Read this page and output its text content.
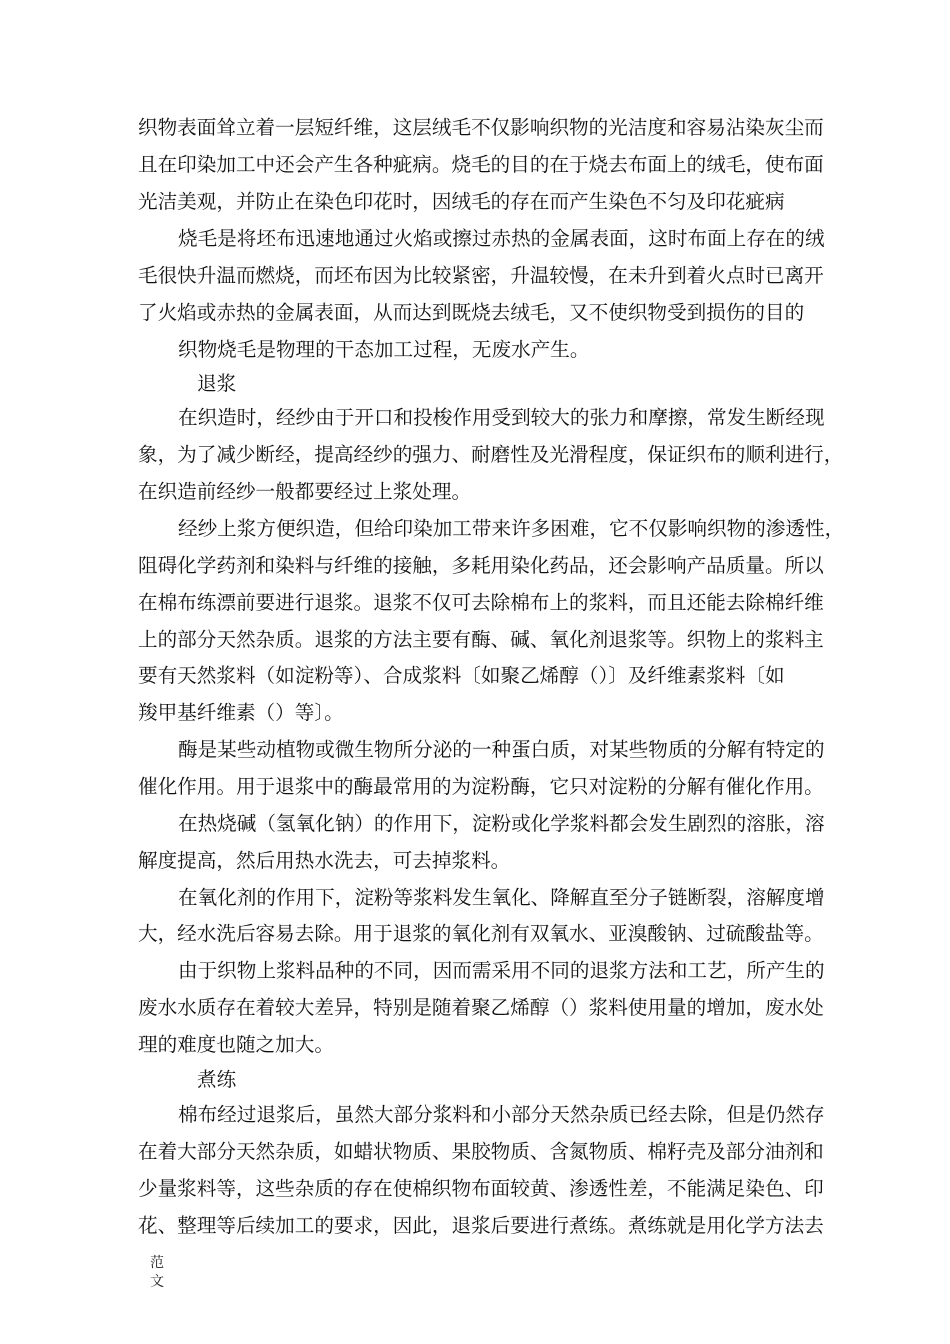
织物表面耸立着一层短纤维，这层绒毛不仅影响织物的光洁度和容易沾染灰尘而
且在印染加工中还会产生各种疵病。烧毛的目的在于烧去布面上的绒毛，使布面
光洁美观，并防止在染色印花时，因绒毛的存在而产生染色不匀及印花疵病
烧毛是将坯布迅速地通过火焰或擦过赤热的金属表面，这时布面上存在的绒
毛很快升温而燃烧，而坯布因为比较紧密，升温较慢，在未升到着火点时已离开
了火焰或赤热的金属表面，从而达到既烧去绒毛，又不使织物受到损伤的目的
织物烧毛是物理的干态加工过程，无废水产生。
退浆
在织造时，经纱由于开口和投梭作用受到较大的张力和摩擦，常发生断经现
象，为了减少断经，提高经纱的强力、耐磨性及光滑程度，保证织布的顺利进行，
在织造前经纱一般都要经过上浆处理。
经纱上浆方便织造，但给印染加工带来许多困难，它不仅影响织物的渗透性，
阻碍化学药剂和染料与纤维的接触，多耗用染化药品，还会影响产品质量。所以
在棉布练漂前要进行退浆。退浆不仅可去除棉布上的浆料，而且还能去除棉纤维
上的部分天然杂质。退浆的方法主要有酶、碱、氧化剂退浆等。织物上的浆料主
要有天然浆料（如淀粉等）、合成浆料〔如聚乙烯醇（）〕及纤维素浆料〔如
羧甲基纤维素（）等〕。
酶是某些动植物或微生物所分泌的一种蛋白质，对某些物质的分解有特定的
催化作用。用于退浆中的酶最常用的为淀粉酶，它只对淀粉的分解有催化作用。
在热烧碱（氢氧化钠）的作用下，淀粉或化学浆料都会发生剧烈的溶胀，溶
解度提高，然后用热水洗去，可去掉浆料。
在氧化剂的作用下，淀粉等浆料发生氧化、降解直至分子链断裂，溶解度增
大，经水洗后容易去除。用于退浆的氧化剂有双氧水、亚溴酸钠、过硫酸盐等。
由于织物上浆料品种的不同，因而需采用不同的退浆方法和工艺，所产生的
废水水质存在着较大差异，特别是随着聚乙烯醇（）浆料使用量的增加，废水处
理的难度也随之加大。
煮练
棉布经过退浆后，虽然大部分浆料和小部分天然杂质已经去除，但是仍然存
在着大部分天然杂质，如蜡状物质、果胶物质、含氮物质、棉籽壳及部分油剂和
少量浆料等，这些杂质的存在使棉织物布面较黄、渗透性差，不能满足染色、印
花、整理等后续加工的要求，因此，退浆后要进行煮练。煮练就是用化学方法去
范
文
